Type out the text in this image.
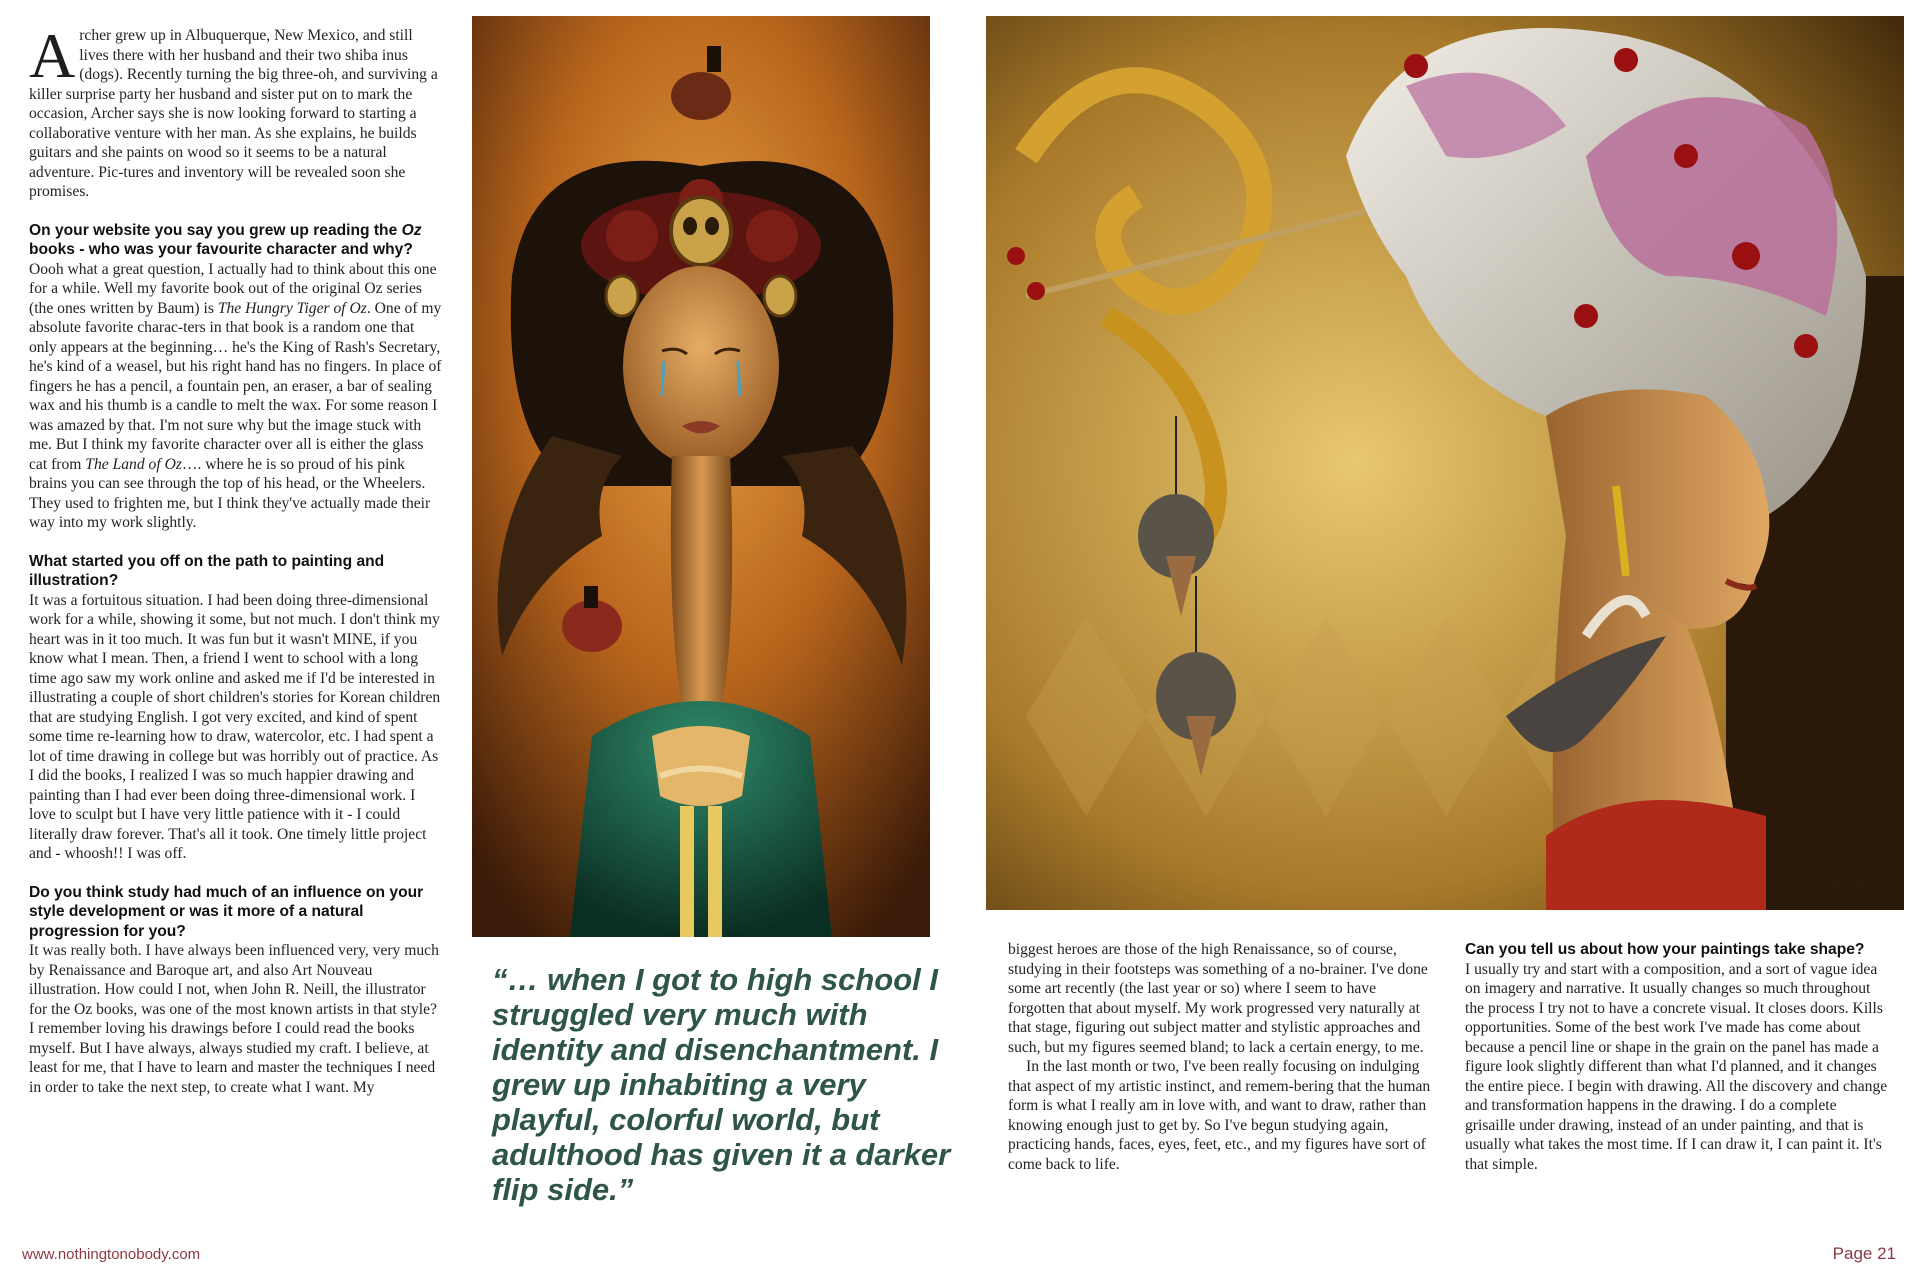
Archer grew up in Albuquerque, New Mexico, and still lives there with her husband and their two shiba inus (dogs). Recently turning the big three-oh, and surviving a killer surprise party her husband and sister put on to mark the occasion, Archer says she is now looking forward to starting a collaborative venture with her man. As she explains, he builds guitars and she paints on wood so it seems to be a natural adventure. Pic-tures and inventory will be revealed soon she promises.

On your website you say you grew up reading the Oz books - who was your favourite character and why?

Oooh what a great question, I actually had to think about this one for a while. Well my favorite book out of the original Oz series (the ones written by Baum) is The Hungry Tiger of Oz. One of my absolute favorite charac-ters in that book is a random one that only appears at the beginning… he's the King of Rash's Secretary, he's kind of a weasel, but his right hand has no fingers. In place of fingers he has a pencil, a fountain pen, an eraser, a bar of sealing wax and his thumb is a candle to melt the wax. For some reason I was amazed by that. I'm not sure why but the image stuck with me. But I think my favorite character over all is either the glass cat from The Land of Oz…. where he is so proud of his pink brains you can see through the top of his head, or the Wheelers. They used to frighten me, but I think they've actually made their way into my work slightly.

What started you off on the path to painting and illustration?

It was a fortuitous situation. I had been doing three-dimensional work for a while, showing it some, but not much. I don't think my heart was in it too much. It was fun but it wasn't MINE, if you know what I mean. Then, a friend I went to school with a long time ago saw my work online and asked me if I'd be interested in illustrating a couple of short children's stories for Korean children that are studying English. I got very excited, and kind of spent some time re-learning how to draw, watercolor, etc. I had spent a lot of time drawing in college but was horribly out of practice. As I did the books, I realized I was so much happier drawing and painting than I had ever been doing three-dimensional work. I love to sculpt but I have very little patience with it - I could literally draw forever. That's all it took. One timely little project and - whoosh!! I was off.

Do you think study had much of an influence on your style development or was it more of a natural progression for you?

It was really both. I have always been influenced very, very much by Renaissance and Baroque art, and also Art Nouveau illustration. How could I not, when John R. Neill, the illustrator for the Oz books, was one of the most known artists in that style? I remember loving his drawings before I could read the books myself. But I have always, always studied my craft. I believe, at least for me, that I have to learn and master the techniques I need in order to take the next step, to create what I want. My

ARCHER
“… when I got to high school I struggled very much with identity and disenchantment. I grew up inhabiting a very playful, colorful world, but adulthood has given it a darker flip side.”

biggest heroes are those of the high Renaissance, so of course, studying in their footsteps was something of a no-brainer. I've done some art recently (the last year or so) where I seem to have forgotten that about myself. My work progressed very naturally at that stage, figuring out subject matter and stylistic approaches and such, but my figures seemed bland; to lack a certain energy, to me.

In the last month or two, I've been really focusing on indulging that aspect of my artistic instinct, and remem-bering that the human form is what I really am in love with, and want to draw, rather than knowing enough just to get by. So I've begun studying again, practicing hands, faces, eyes, feet, etc., and my figures have sort of come back to life.

Can you tell us about how your paintings take shape?

I usually try and start with a composition, and a sort of vague idea on imagery and narrative. It usually changes so much throughout the process I try not to have a concrete visual. It closes doors. Kills opportunities. Some of the best work I've made has come about because a pencil line or shape in the grain on the panel has made a figure look slightly different than what I'd planned, and it changes the entire piece. I begin with drawing. All the discovery and change and transformation happens in the drawing. I do a complete grisaille under drawing, instead of an under painting, and that is usually what takes the most time. If I can draw it, I can paint it. It's that simple.

www.nothingtonobody.com	Page 21
